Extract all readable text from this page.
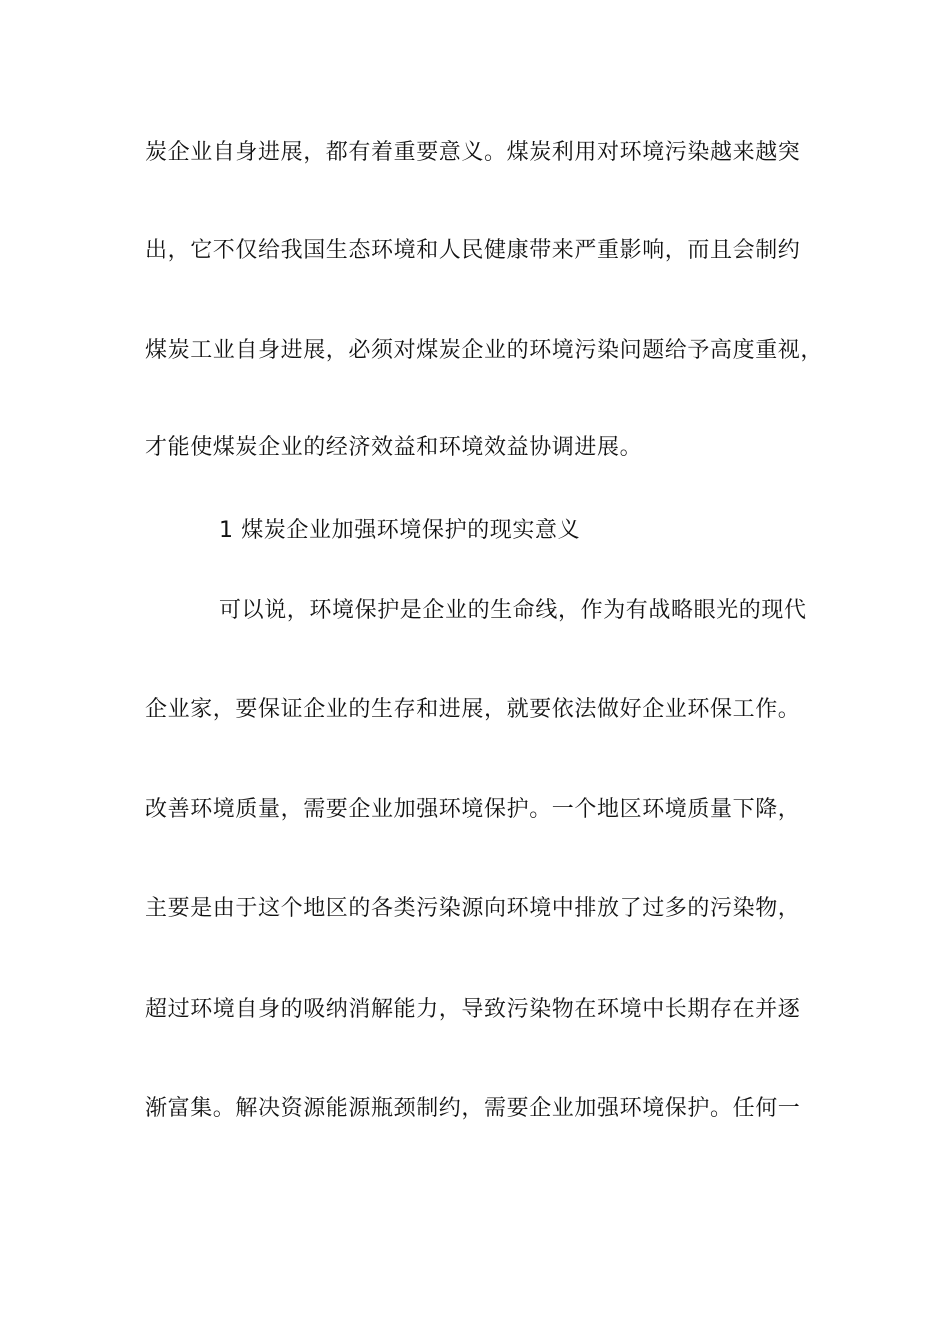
炭企业自身进展，都有着重要意义。煤炭利用对环境污染越来越突
出，它不仅给我国生态环境和人民健康带来严重影响，而且会制约
煤炭工业自身进展，必须对煤炭企业的环境污染问题给予高度重视，
才能使煤炭企业的经济效益和环境效益协调进展。
1 煤炭企业加强环境保护的现实意义
可以说，环境保护是企业的生命线，作为有战略眼光的现代
企业家，要保证企业的生存和进展，就要依法做好企业环保工作。
改善环境质量，需要企业加强环境保护。一个地区环境质量下降，
主要是由于这个地区的各类污染源向环境中排放了过多的污染物，
超过环境自身的吸纳消解能力，导致污染物在环境中长期存在并逐
渐富集。解决资源能源瓶颈制约，需要企业加强环境保护。任何一
